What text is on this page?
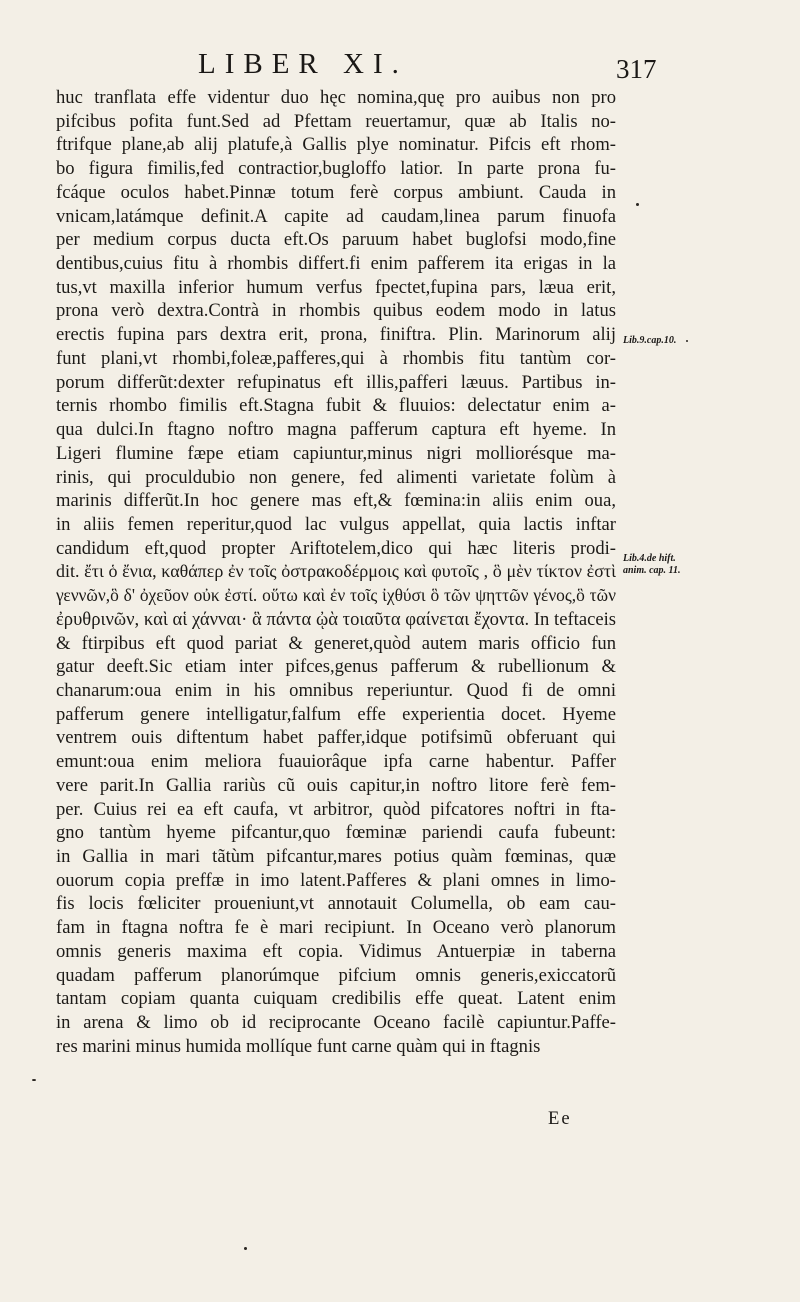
LIBER XI.	317
huc tranflata effe videntur duo hęc nomina,quę pro auibus non pro
pifcibus pofita funt.Sed ad Pfettam reuertamur, quæ ab Italis no-
ftrifque plane,ab alij platufe,à Gallis plye nominatur. Pifcis eft rhom-
bo figura fimilis,fed contractior,bugloffo latior. In parte prona fu-
fcáque oculos habet.Pinnæ totum ferè corpus ambiunt. Cauda in
vnicam,latámque definit.A capite ad caudam,linea parum finuofa
per medium corpus ducta eft.Os paruum habet buglofsi modo,fine
dentibus,cuius fitu à rhombis differt.fi enim pafferem ita erigas in la
tus,vt maxilla inferior humum verfus fpectet,fupina pars, læua erit,
prona verò dextra.Contrà in rhombis quibus eodem modo in latus
erectis fupina pars dextra erit, prona, finiftra. Plin. Marinorum alij
funt plani,vt rhombi,foleæ,pafferes,qui à rhombis fitu tantùm cor-
porum differũt:dexter refupinatus eft illis,pafferi læuus. Partibus in-
ternis rhombo fimilis eft.Stagna fubit & fluuios: delectatur enim a-
qua dulci.In ftagno noftro magna pafferum captura eft hyeme. In
Ligeri flumine fæpe etiam capiuntur,minus nigri molliorésque ma-
rinis, qui proculdubio non genere, fed alimenti varietate folùm à
marinis differũt.In hoc genere mas eft,& fœmina:in aliis enim oua,
in aliis femen reperitur,quod lac vulgus appellat, quia lactis inftar
candidum eft,quod propter Ariftotelem,dico qui hæc literis prodi-
dit. ἔτι ὁ ἔνια, καθάπερ ἐν τοῖς ὀστρακοδέρμοις καὶ φυτοῖς , ὃ μὲν τίκτον ἐστὶ
γεννῶν,ὃ δ' ὀχεῦον οὐκ ἐστί. οὕτω καὶ ἐν τοῖς ἰχθύσι ὃ τῶν ψηττῶν γένος,ὃ τῶν
ἐρυθρινῶν, καὶ αἱ χάνναι· ἃ πάντα ᾠὰ τοιαῦτα φαίνεται ἔχοντα. In teftaceis
& ftirpibus eft quod pariat & generet,quòd autem maris officio fun
gatur deeft.Sic etiam inter pifces,genus pafferum & rubellionum &
chanarum:oua enim in his omnibus reperiuntur. Quod fi de omni
pafferum genere intelligatur,falfum effe experientia docet. Hyeme
ventrem ouis diftentum habet paffer,idque potifsimũ obferuant qui
emunt:oua enim meliora fuauiorâque ipfa carne habentur. Paffer
vere parit.In Gallia rariùs cũ ouis capitur,in noftro litore ferè fem-
per. Cuius rei ea eft caufa, vt arbitror, quòd pifcatores noftri in fta-
gno tantùm hyeme pifcantur,quo fœminæ pariendi caufa fubeunt:
in Gallia in mari tãtùm pifcantur,mares potius quàm fœminas, quæ
ouorum copia preffæ in imo latent.Pafferes & plani omnes in limo-
fis locis fœliciter proueniunt,vt annotauit Columella, ob eam cau-
fam in ftagna noftra fe è mari recipiunt. In Oceano verò planorum
omnis generis maxima eft copia. Vidimus Antuerpiæ in taberna
quadam pafferum planorúmque pifcium omnis generis,exiccatorũ
tantam copiam quanta cuiquam credibilis effe queat. Latent enim
in arena & limo ob id reciprocante Oceano facilè capiuntur.Paffe-
res marini minus humida mollíque funt carne quàm qui in ftagnis
Ee
Lib.9.cap.10.
Lib.4.de hift. anim. cap. 11.
